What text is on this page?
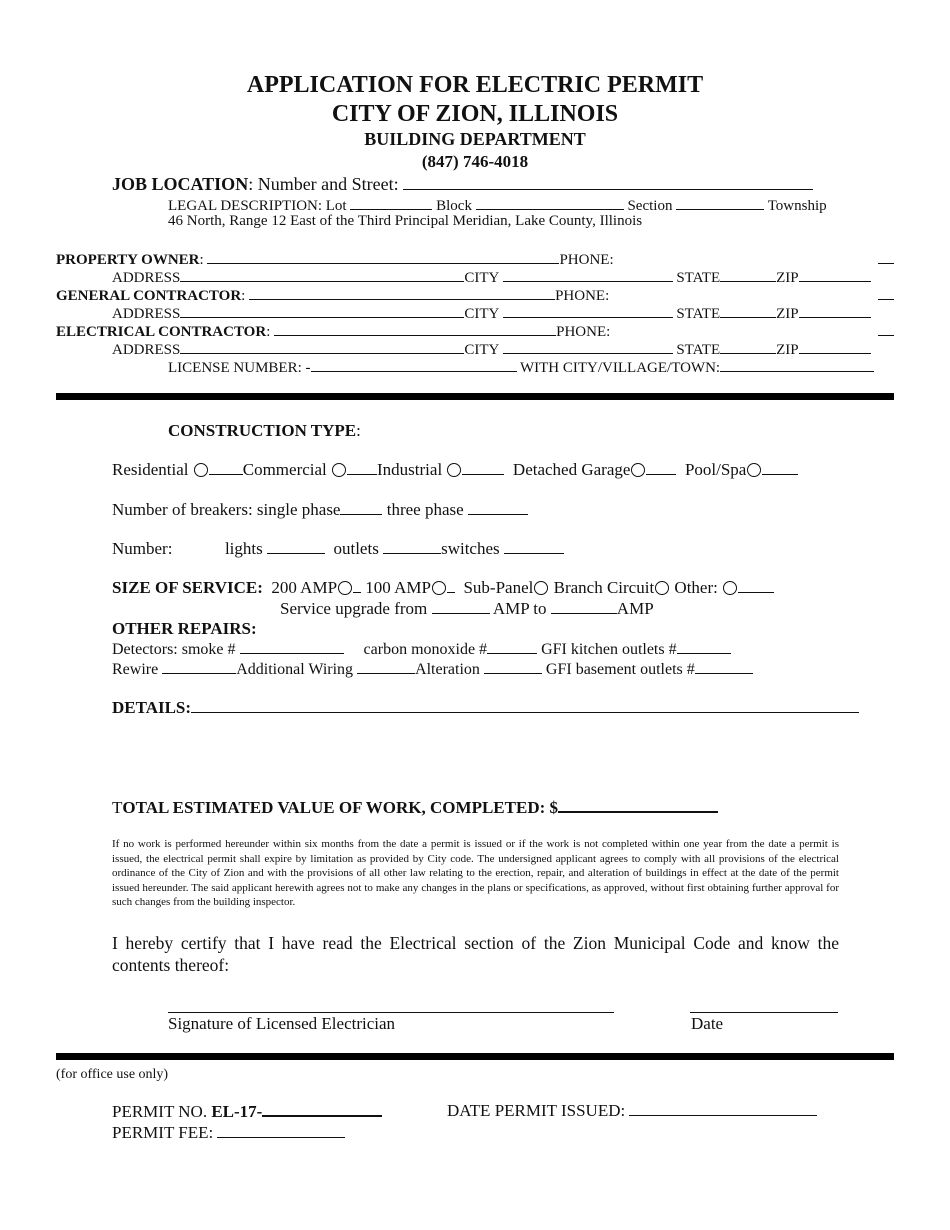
APPLICATION FOR ELECTRIC PERMIT
CITY OF ZION, ILLINOIS
BUILDING DEPARTMENT
(847) 746-4018
JOB LOCATION: Number and Street:
LEGAL DESCRIPTION: Lot	Block	Section	Township
46 North, Range 12 East of the Third Principal Meridian, Lake County, Illinois
PROPERTY OWNER:	PHONE:
ADDRESS	CITY	STATE	ZIP
GENERAL CONTRACTOR:	PHONE:
ADDRESS	CITY	STATE	ZIP
ELECTRICAL CONTRACTOR:	PHONE:
ADDRESS	CITY	STATE	ZIP
LICENSE NUMBER: -	WITH CITY/VILLAGE/TOWN:
CONSTRUCTION TYPE:
Residential	Commercial	Industrial	Detached Garage	Pool/Spa
Number of breakers: single phase	three phase
Number:	lights	outlets	switches
SIZE OF SERVICE: 200 AMP 100 AMP Sub-Panel Branch Circuit Other:
Service upgrade from	AMP to	AMP
OTHER REPAIRS:
Detectors: smoke #	carbon monoxide #	GFI kitchen outlets #
Rewire	Additional Wiring	Alteration	GFI basement outlets #
DETAILS:
TOTAL ESTIMATED VALUE OF WORK, COMPLETED: $
If no work is performed hereunder within six months from the date a permit is issued or if the work is not completed within one year from the date a permit is issued, the electrical permit shall expire by limitation as provided by City code. The undersigned applicant agrees to comply with all provisions of the electrical ordinance of the City of Zion and with the provisions of all other law relating to the erection, repair, and alteration of buildings in effect at the date of the permit issued hereunder. The said applicant herewith agrees not to make any changes in the plans or specifications, as approved, without first obtaining further approval for such changes from the building inspector.
I hereby certify that I have read the Electrical section of the Zion Municipal Code and know the contents thereof:
Signature of Licensed Electrician	Date
(for office use only)
PERMIT NO. EL-17-	DATE PERMIT ISSUED:
PERMIT FEE:
